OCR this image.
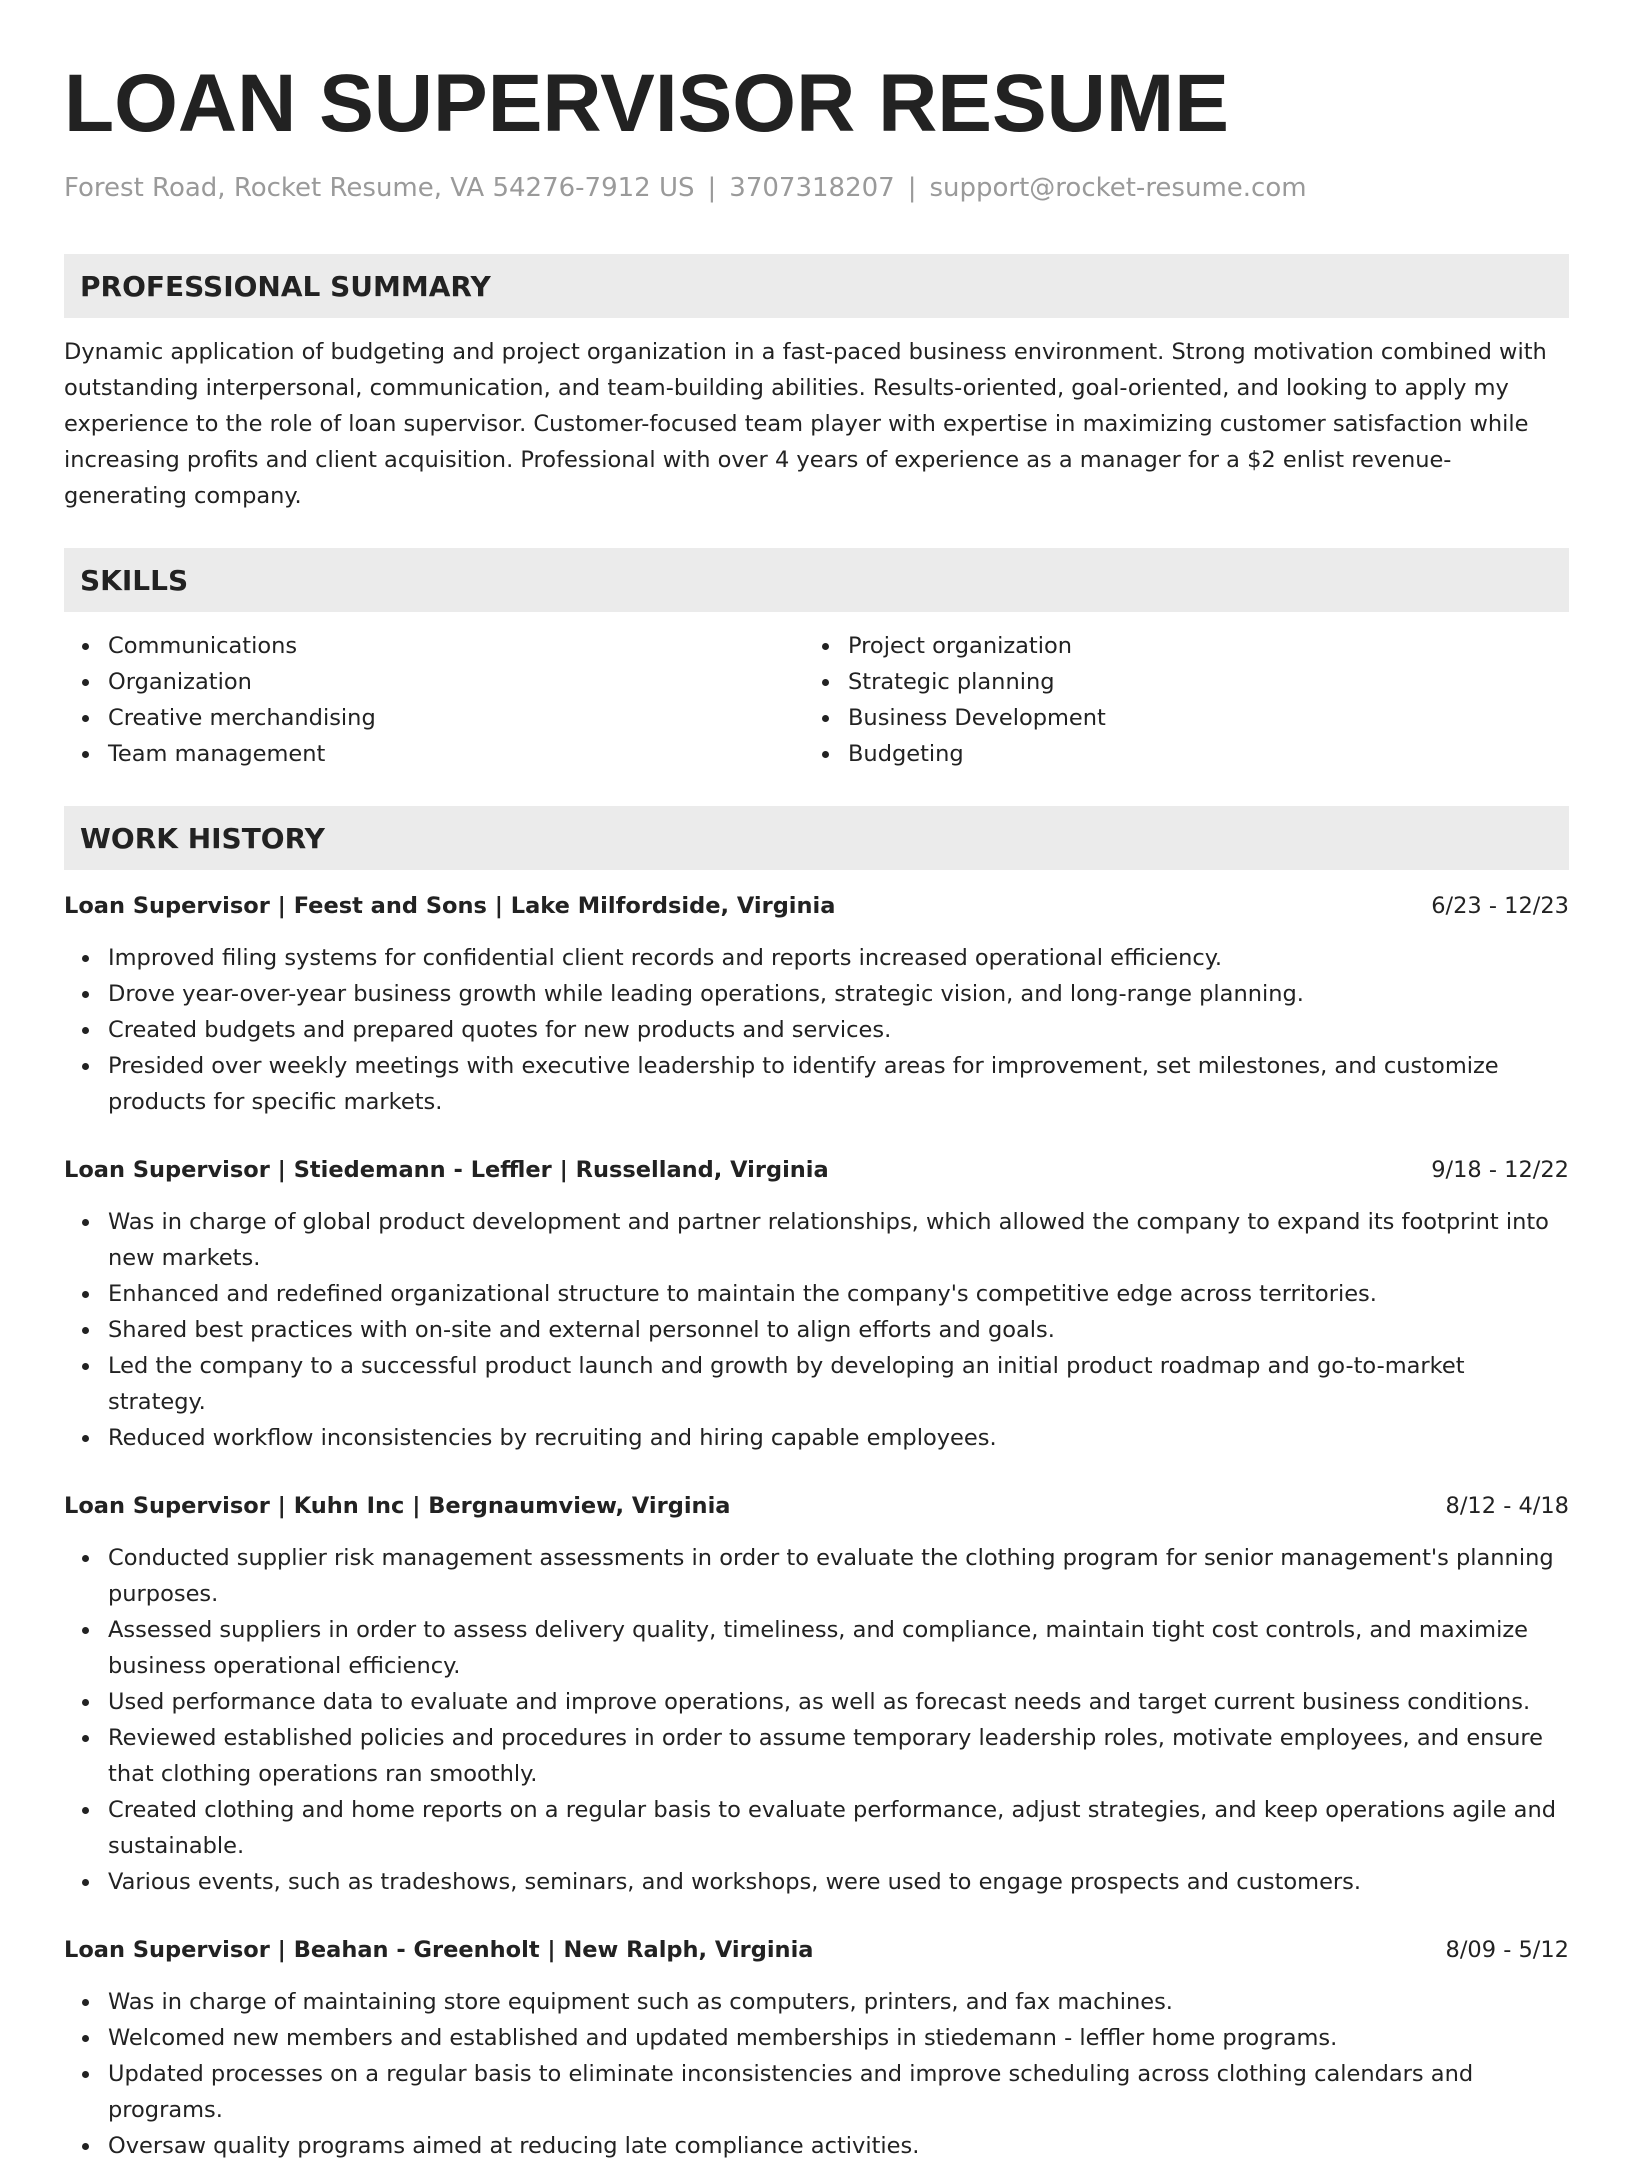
LOAN SUPERVISOR RESUME
Forest Road, Rocket Resume, VA 54276-7912 US | 3707318207 | support@rocket-resume.com
PROFESSIONAL SUMMARY
Dynamic application of budgeting and project organization in a fast-paced business environment. Strong motivation combined with outstanding interpersonal, communication, and team-building abilities. Results-oriented, goal-oriented, and looking to apply my experience to the role of loan supervisor. Customer-focused team player with expertise in maximizing customer satisfaction while increasing profits and client acquisition. Professional with over 4 years of experience as a manager for a $2 enlist revenue-generating company.
SKILLS
Communications
Organization
Creative merchandising
Team management
Project organization
Strategic planning
Business Development
Budgeting
WORK HISTORY
Loan Supervisor | Feest and Sons | Lake Milfordside, Virginia	6/23 - 12/23
Improved filing systems for confidential client records and reports increased operational efficiency.
Drove year-over-year business growth while leading operations, strategic vision, and long-range planning.
Created budgets and prepared quotes for new products and services.
Presided over weekly meetings with executive leadership to identify areas for improvement, set milestones, and customize products for specific markets.
Loan Supervisor | Stiedemann - Leffler | Russelland, Virginia	9/18 - 12/22
Was in charge of global product development and partner relationships, which allowed the company to expand its footprint into new markets.
Enhanced and redefined organizational structure to maintain the company's competitive edge across territories.
Shared best practices with on-site and external personnel to align efforts and goals.
Led the company to a successful product launch and growth by developing an initial product roadmap and go-to-market strategy.
Reduced workflow inconsistencies by recruiting and hiring capable employees.
Loan Supervisor | Kuhn Inc | Bergnaumview, Virginia	8/12 - 4/18
Conducted supplier risk management assessments in order to evaluate the clothing program for senior management's planning purposes.
Assessed suppliers in order to assess delivery quality, timeliness, and compliance, maintain tight cost controls, and maximize business operational efficiency.
Used performance data to evaluate and improve operations, as well as forecast needs and target current business conditions.
Reviewed established policies and procedures in order to assume temporary leadership roles, motivate employees, and ensure that clothing operations ran smoothly.
Created clothing and home reports on a regular basis to evaluate performance, adjust strategies, and keep operations agile and sustainable.
Various events, such as tradeshows, seminars, and workshops, were used to engage prospects and customers.
Loan Supervisor | Beahan - Greenholt | New Ralph, Virginia	8/09 - 5/12
Was in charge of maintaining store equipment such as computers, printers, and fax machines.
Welcomed new members and established and updated memberships in stiedemann - leffler home programs.
Updated processes on a regular basis to eliminate inconsistencies and improve scheduling across clothing calendars and programs.
Oversaw quality programs aimed at reducing late compliance activities.
